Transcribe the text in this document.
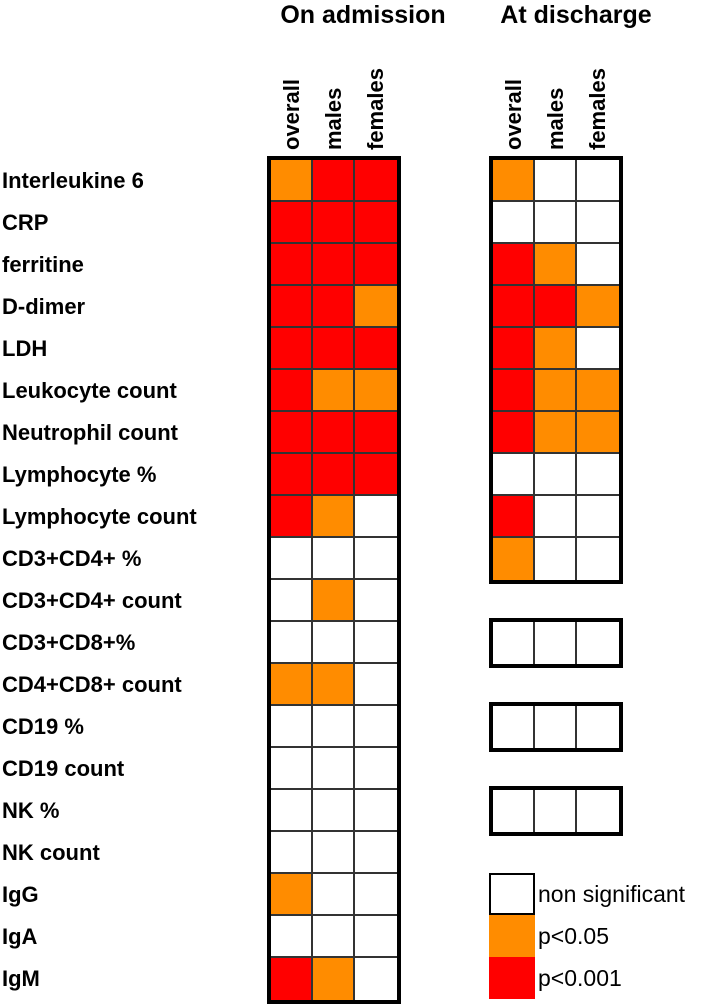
On admission	At discharge
overall males females	overall males females
Interleukine 6
CRP
ferritine
D-dimer
LDH
Leukocyte count
Neutrophil count
Lymphocyte %
Lymphocyte count
CD3+CD4+ %
CD3+CD4+ count
CD3+CD8+%
CD4+CD8+ count
CD19 %
CD19 count
NK %
NK count
IgG
IgA
IgM
non significant
p<0.05
p<0.001
